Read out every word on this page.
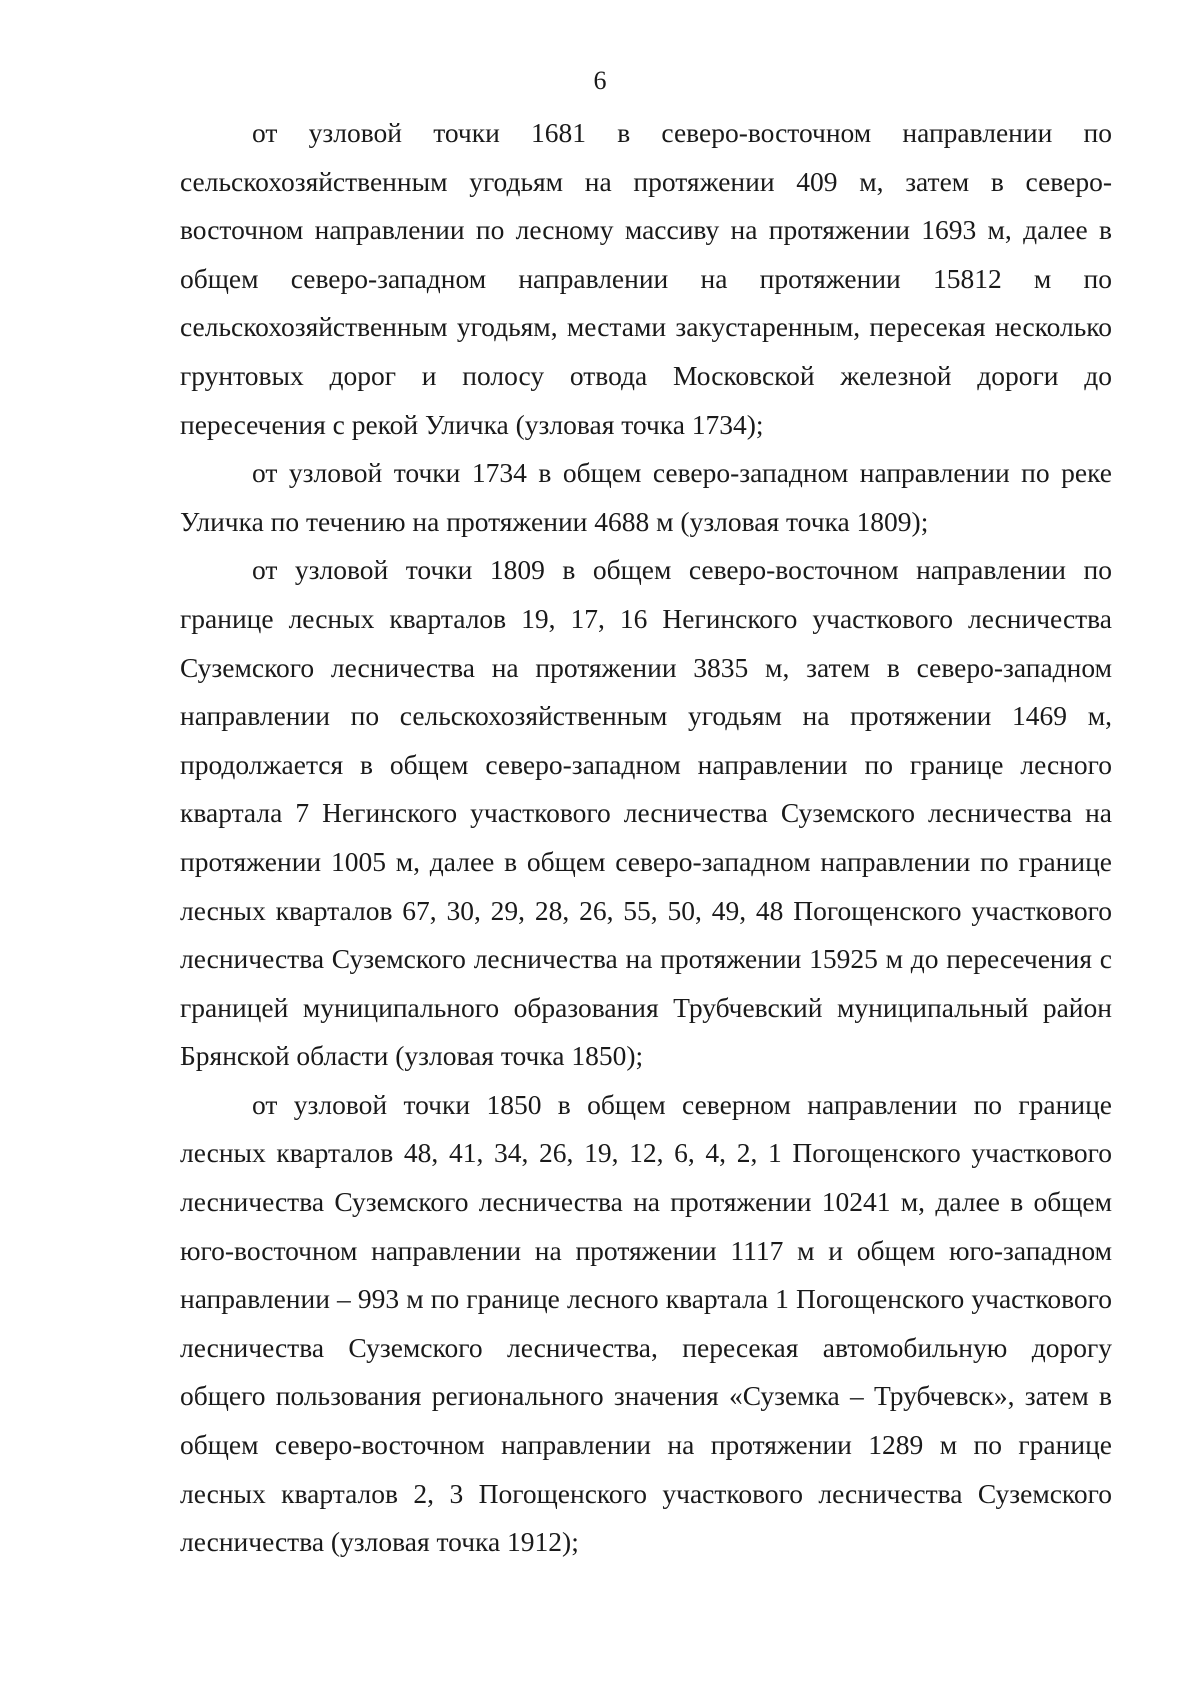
6

от узловой точки 1681 в северо-восточном направлении по сельскохозяйственным угодьям на протяжении 409 м, затем в северо-восточном направлении по лесному массиву на протяжении 1693 м, далее в общем северо-западном направлении на протяжении 15812 м по сельскохозяйственным угодьям, местами закустаренным, пересекая несколько грунтовых дорог и полосу отвода Московской железной дороги до пересечения с рекой Уличка (узловая точка 1734);

от узловой точки 1734 в общем северо-западном направлении по реке Уличка по течению на протяжении 4688 м (узловая точка 1809);

от узловой точки 1809 в общем северо-восточном направлении по границе лесных кварталов 19, 17, 16 Негинского участкового лесничества Суземского лесничества на протяжении 3835 м, затем в северо-западном направлении по сельскохозяйственным угодьям на протяжении 1469 м, продолжается в общем северо-западном направлении по границе лесного квартала 7 Негинского участкового лесничества Суземского лесничества на протяжении 1005 м, далее в общем северо-западном направлении по границе лесных кварталов 67, 30, 29, 28, 26, 55, 50, 49, 48 Погощенского участкового лесничества Суземского лесничества на протяжении 15925 м до пересечения с границей муниципального образования Трубчевский муниципальный район Брянской области (узловая точка 1850);

от узловой точки 1850 в общем северном направлении по границе лесных кварталов 48, 41, 34, 26, 19, 12, 6, 4, 2, 1 Погощенского участкового лесничества Суземского лесничества на протяжении 10241 м, далее в общем юго-восточном направлении на протяжении 1117 м и общем юго-западном направлении – 993 м по границе лесного квартала 1 Погощенского участкового лесничества Суземского лесничества, пересекая автомобильную дорогу общего пользования регионального значения «Суземка – Трубчевск», затем в общем северо-восточном направлении на протяжении 1289 м по границе лесных кварталов 2, 3 Погощенского участкового лесничества Суземского лесничества (узловая точка 1912);
